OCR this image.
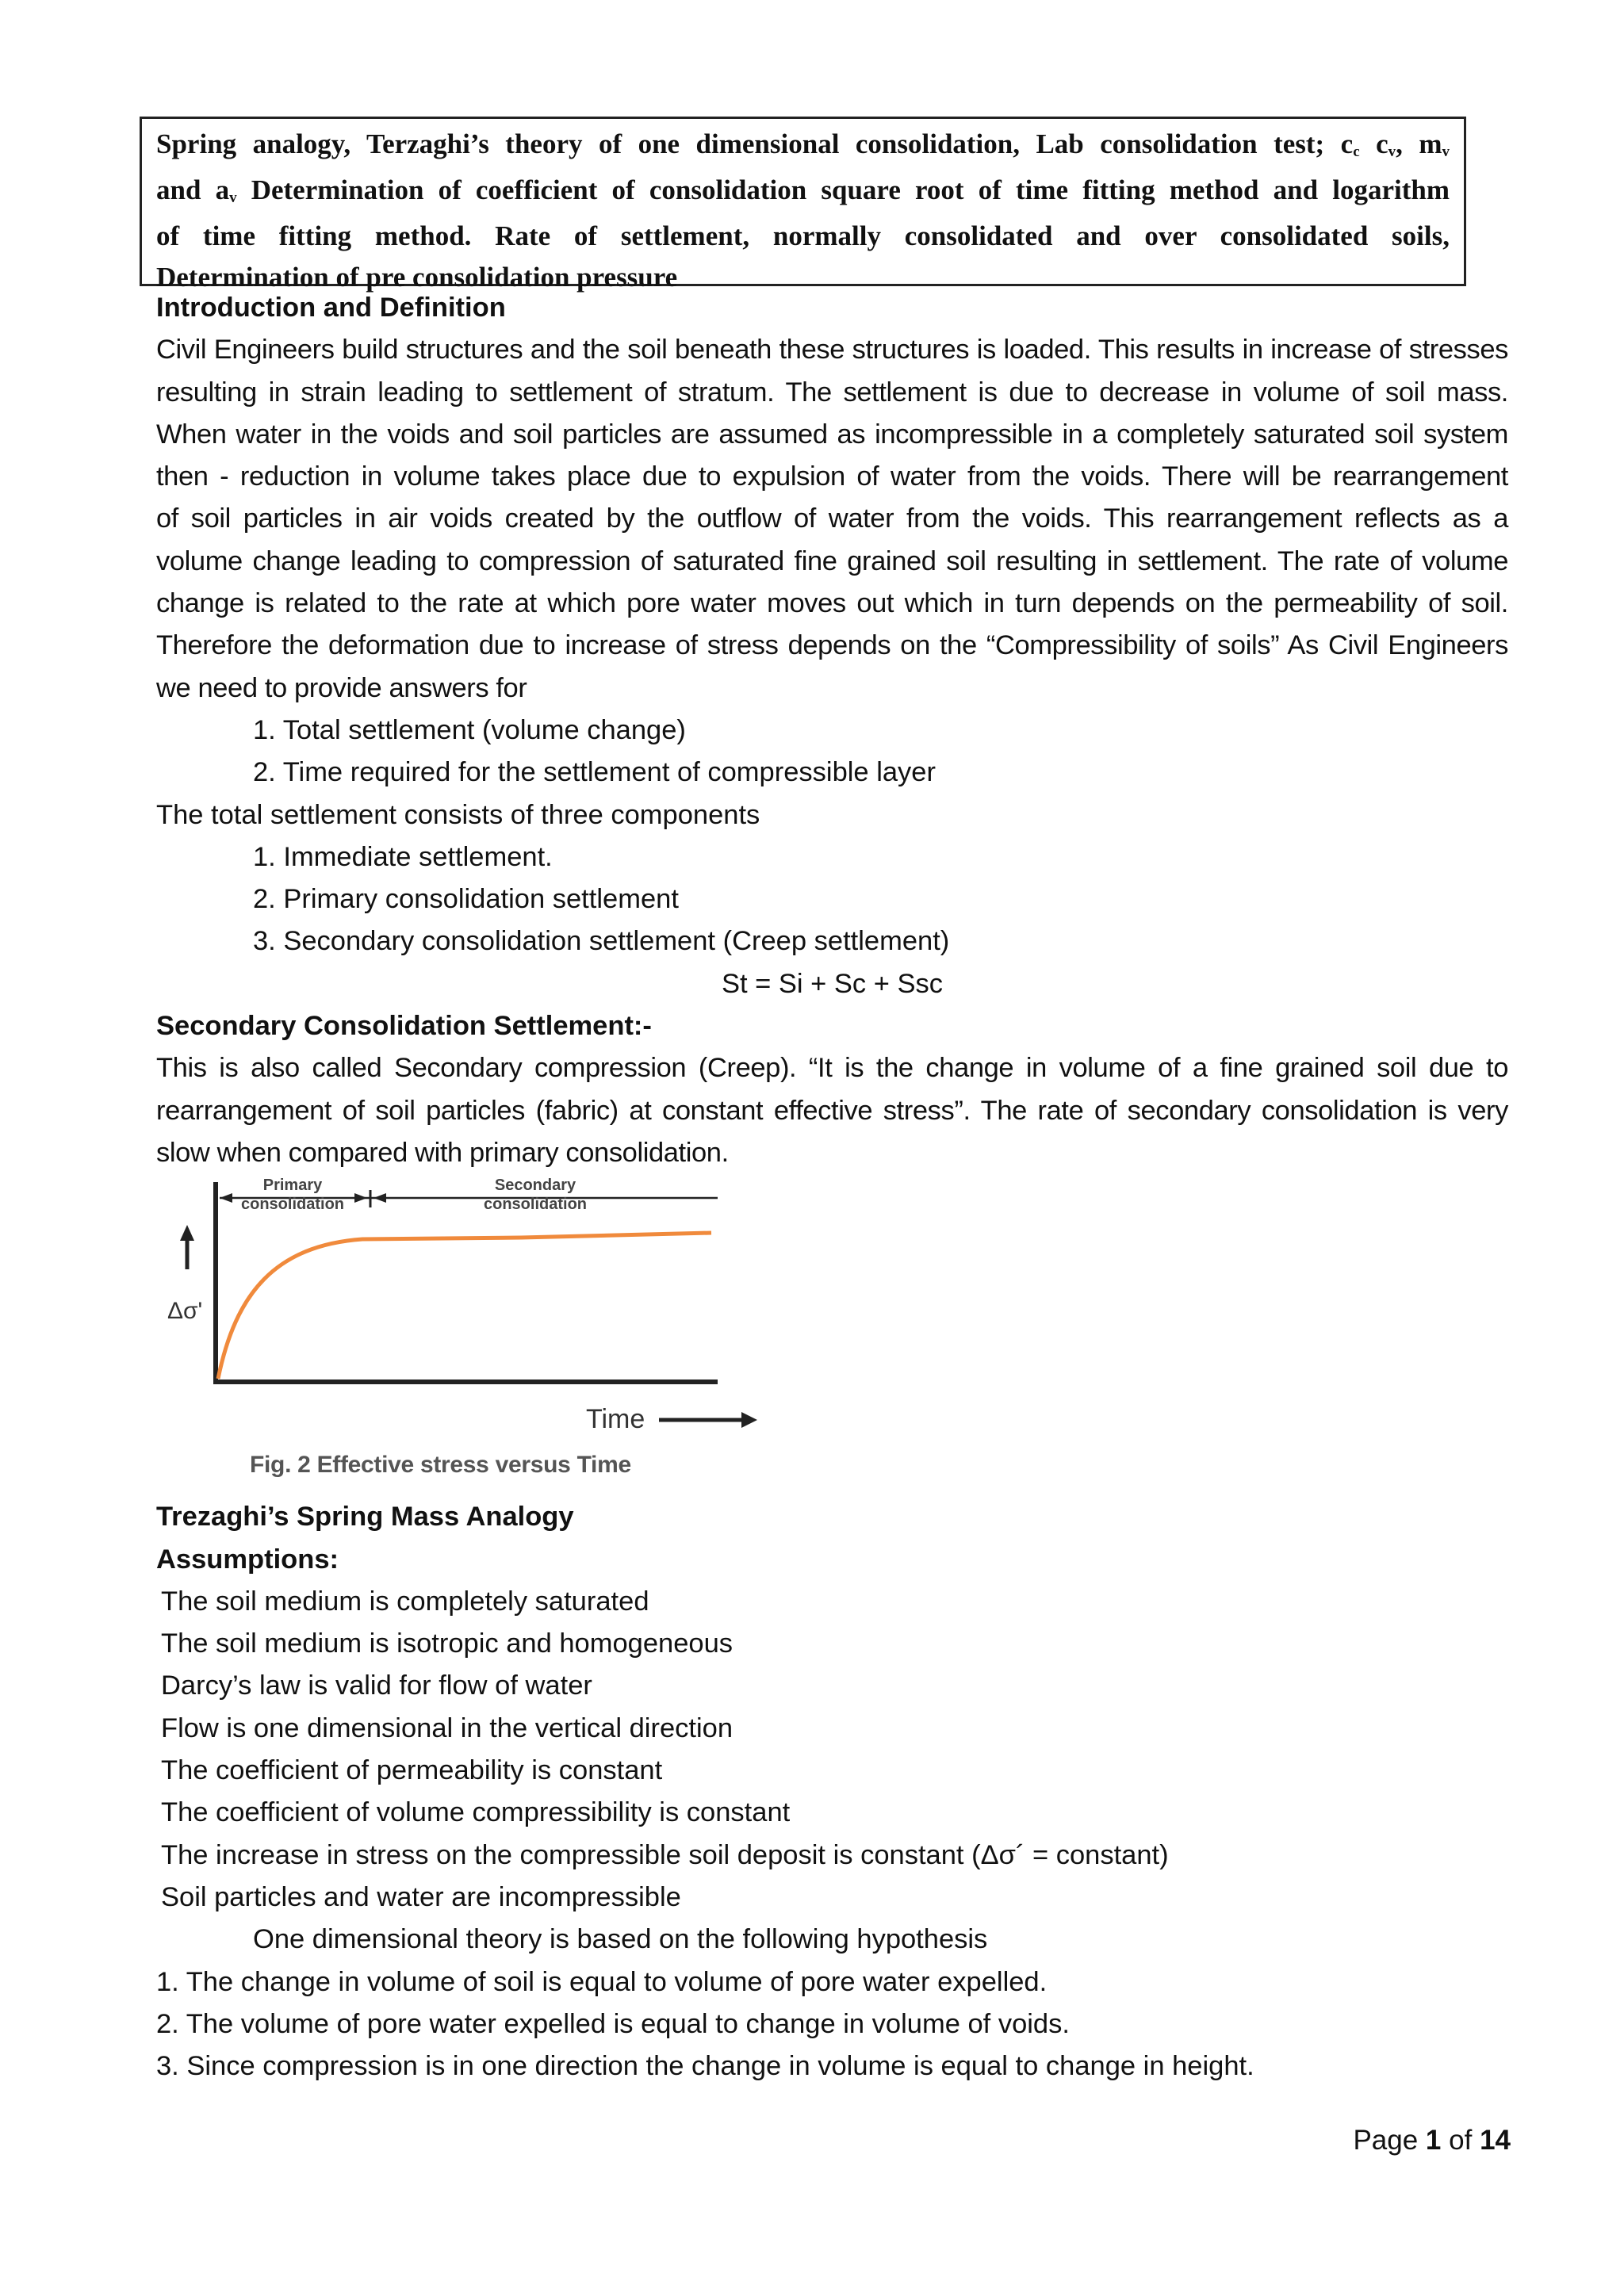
Spring analogy, Terzaghi’s theory of one dimensional consolidation, Lab consolidation test; cc cv, mv
and av Determination of coefficient of consolidation square root of time fitting method and logarithm
of time fitting method. Rate of settlement, normally consolidated and over consolidated soils,
Determination of pre consolidation pressure

Introduction and Definition

Civil Engineers build structures and the soil beneath these structures is loaded. This results in increase of stresses
resulting in strain leading to settlement of stratum. The settlement is due to decrease in volume of soil mass.
When water in the voids and soil particles are assumed as incompressible in a completely saturated soil system
then - reduction in volume takes place due to expulsion of water from the voids. There will be rearrangement
of soil particles in air voids created by the outflow of water from the voids. This rearrangement reflects as a
volume change leading to compression of saturated fine grained soil resulting in settlement. The rate of volume
change is related to the rate at which pore water moves out which in turn depends on the permeability of soil.
Therefore the deformation due to increase of stress depends on the “Compressibility of soils” As Civil Engineers
we need to provide answers for

1. Total settlement (volume change)

2. Time required for the settlement of compressible layer

The total settlement consists of three components

1. Immediate settlement.

2. Primary consolidation settlement

3. Secondary consolidation settlement (Creep settlement)

St = Si + Sc + Ssc

Secondary Consolidation Settlement:-

This is also called Secondary compression (Creep). “It is the change in volume of a fine grained soil due to
rearrangement of soil particles (fabric) at constant effective stress”. The rate of secondary consolidation is very
slow when compared with primary consolidation.

Δσ'
Primary
consolidation
Secondary
consolidation
Time
Fig. 2 Effective stress versus Time

Trezaghi’s Spring Mass Analogy

Assumptions:

The soil medium is completely saturated

The soil medium is isotropic and homogeneous

Darcy’s law is valid for flow of water

Flow is one dimensional in the vertical direction

The coefficient of permeability is constant

The coefficient of volume compressibility is constant

The increase in stress on the compressible soil deposit is constant (Δσ´ = constant)

Soil particles and water are incompressible

One dimensional theory is based on the following hypothesis

1. The change in volume of soil is equal to volume of pore water expelled.

2. The volume of pore water expelled is equal to change in volume of voids.

3. Since compression is in one direction the change in volume is equal to change in height.

Page 1 of 14
